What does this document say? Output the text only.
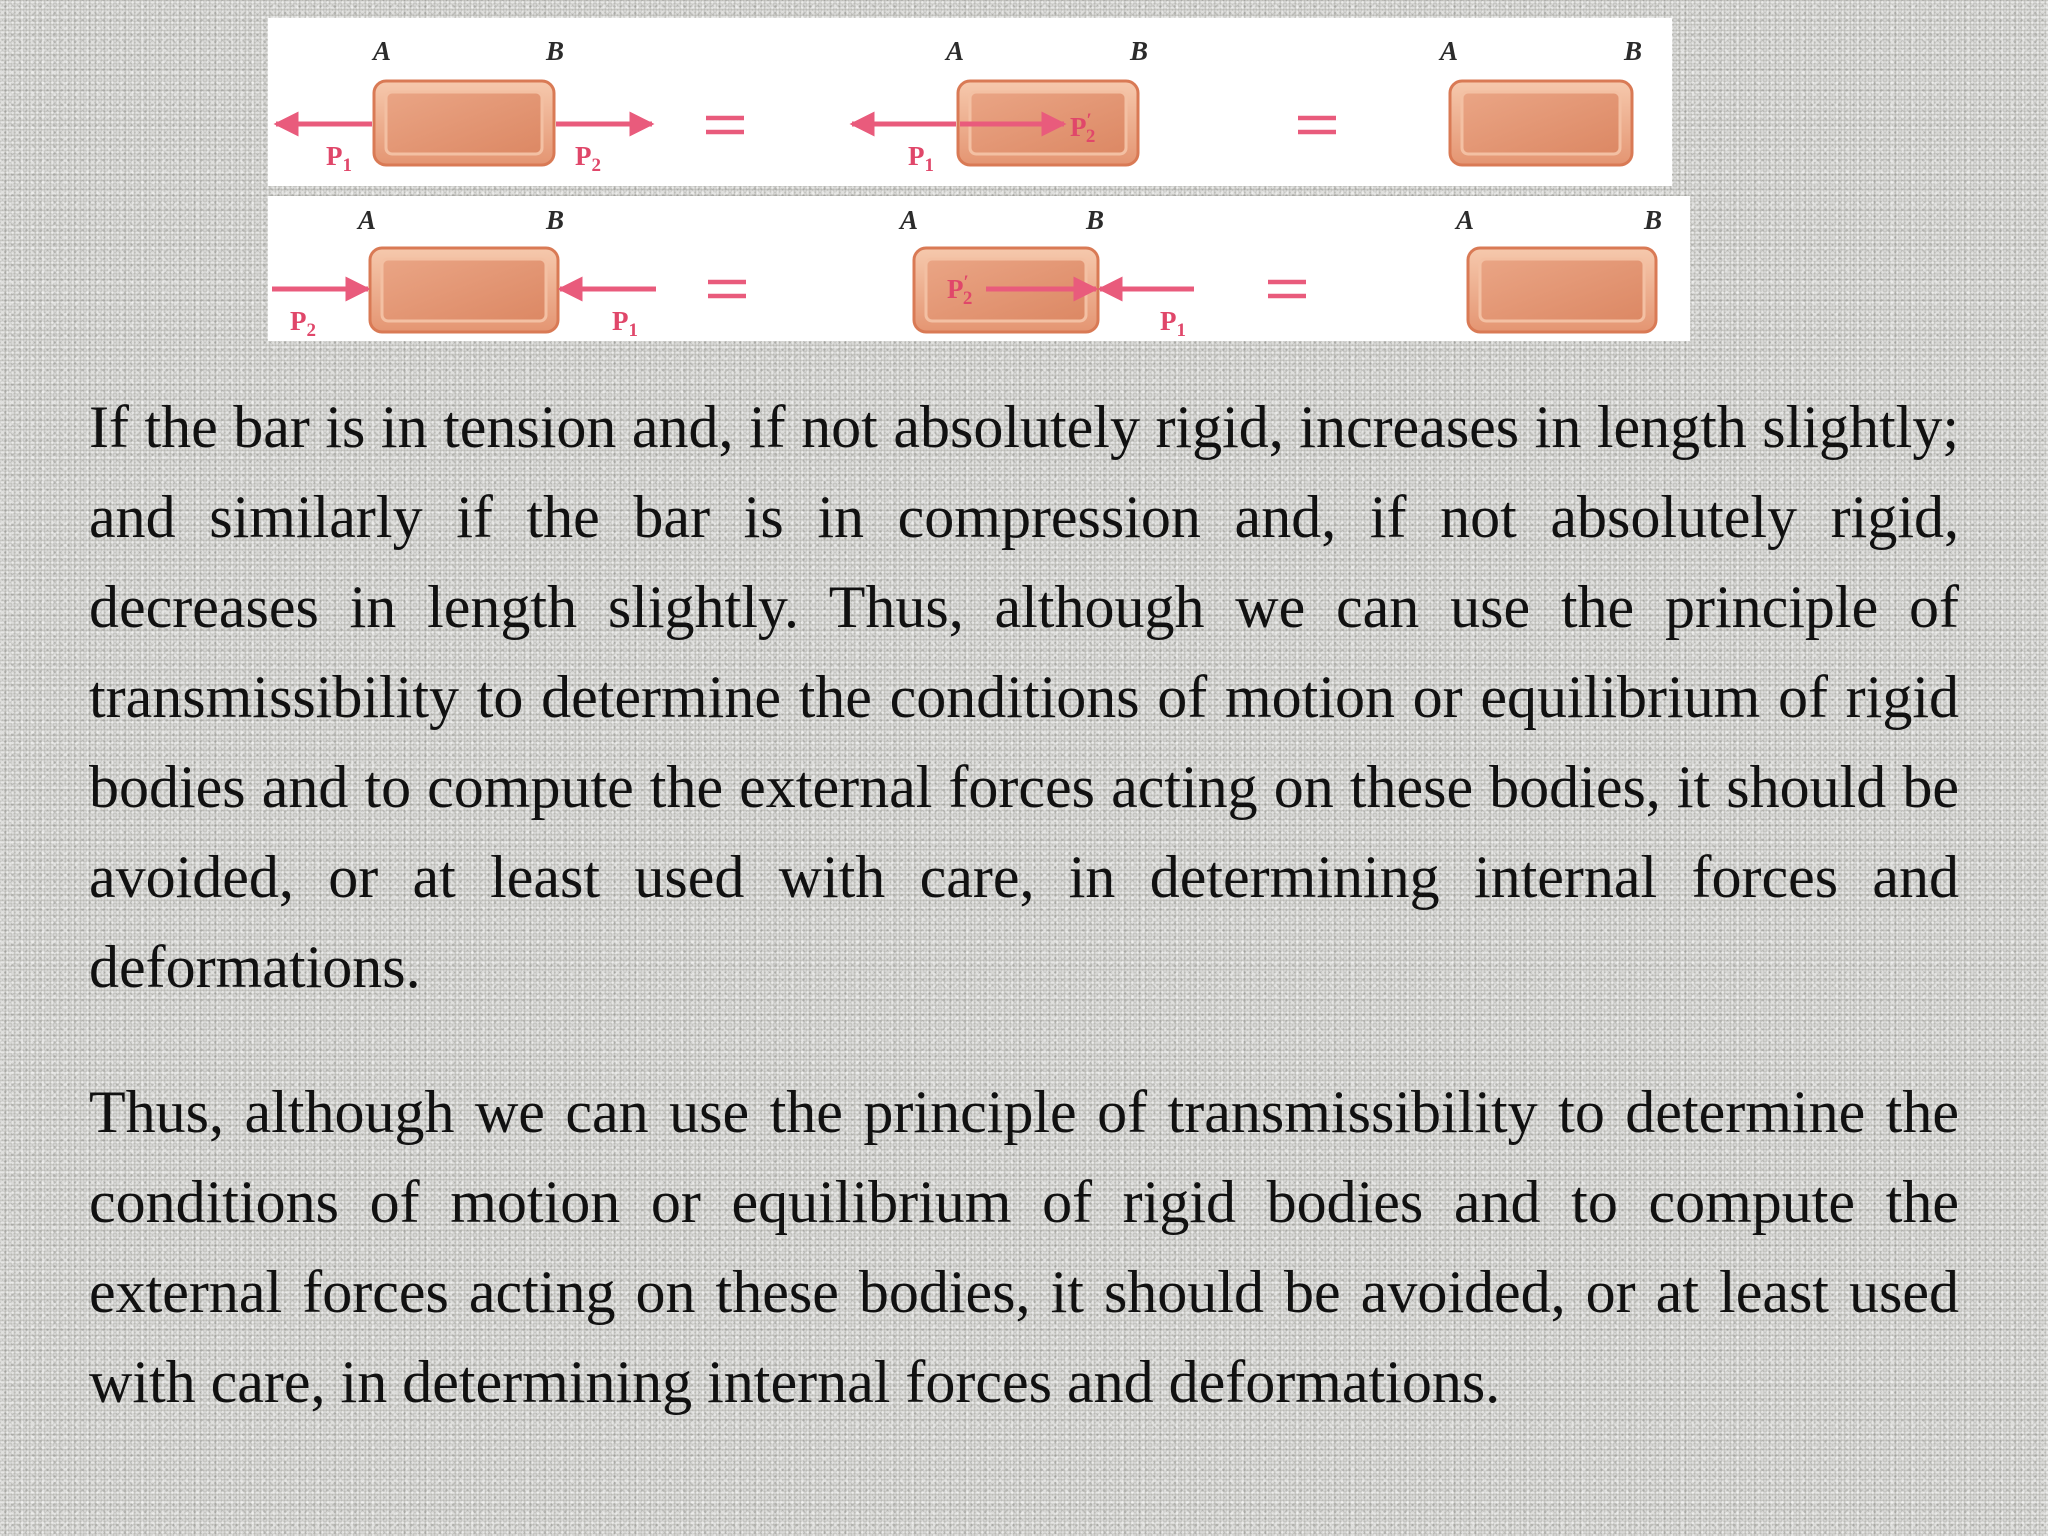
A	B
$P_1$	$P_2$
A	B
$P_1$
P′ 2
A	B
A	B
$P_2$	$P_1$
A	B
P′ 2
$P_1$
A	B

If the bar is in tension and, if not absolutely rigid, increases in length slightly; and similarly if the bar is in compression and, if not absolutely rigid, decreases in length slightly. Thus, although we can use the principle of transmissibility to determine the conditions of motion or equilibrium of rigid bodies and to compute the external forces acting on these bodies, it should be avoided, or at least used with care, in determining internal forces and deformations.

Thus, although we can use the principle of transmissibility to determine the conditions of motion or equilibrium of rigid bodies and to compute the external forces acting on these bodies, it should be avoided, or at least used with care, in determining internal forces and deformations.
